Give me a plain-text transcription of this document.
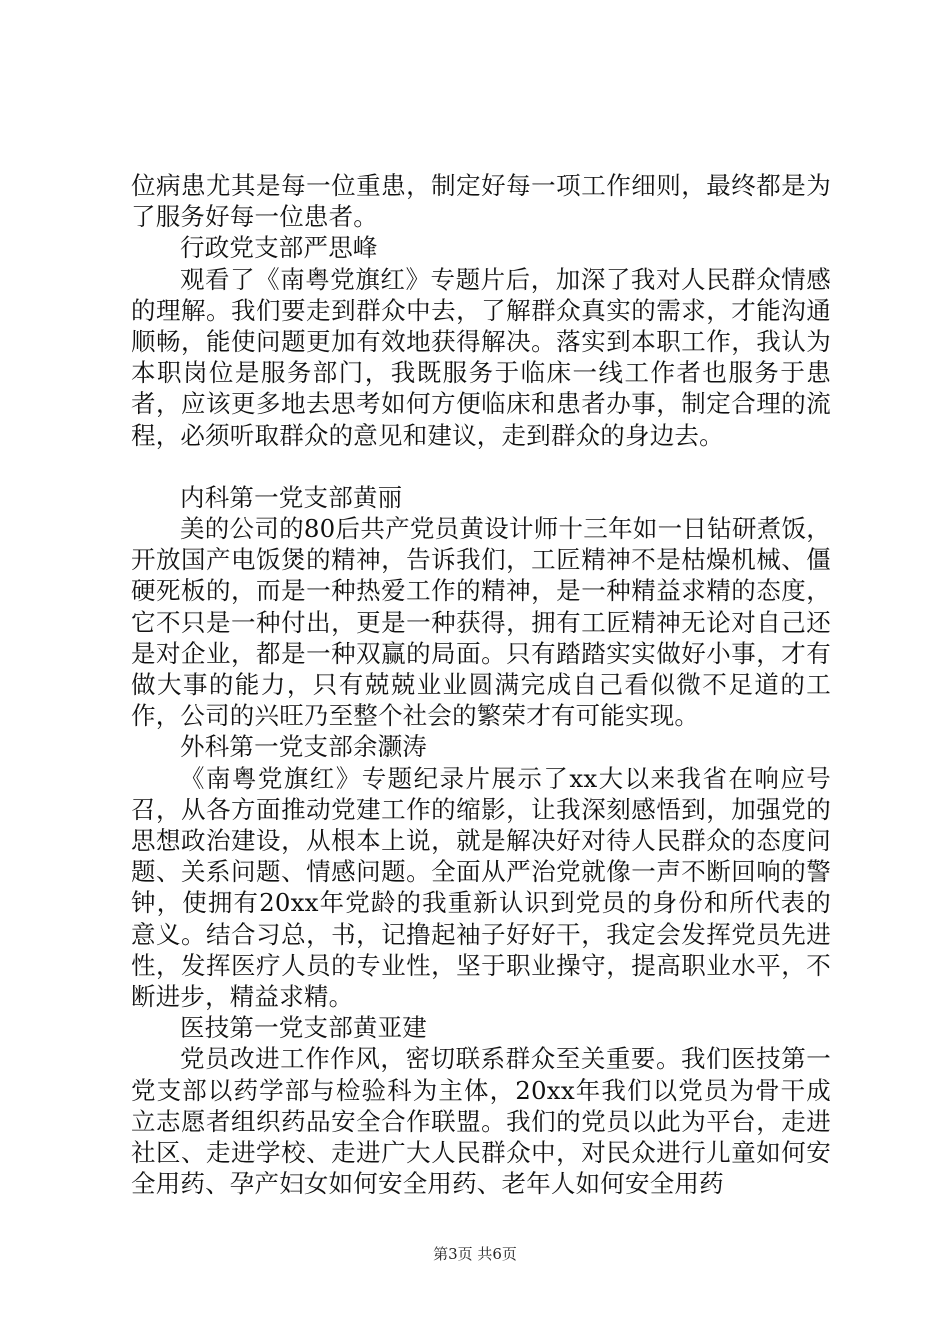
位病患尤其是每一位重患，制定好每一项工作细则，最终都是为了服务好每一位患者。

行政党支部严思峰

观看了《南粤党旗红》专题片后，加深了我对人民群众情感的理解。我们要走到群众中去，了解群众真实的需求，才能沟通顺畅，能使问题更加有效地获得解决。落实到本职工作，我认为本职岗位是服务部门，我既服务于临床一线工作者也服务于患者，应该更多地去思考如何方便临床和患者办事，制定合理的流程，必须听取群众的意见和建议，走到群众的身边去。

内科第一党支部黄丽

美的公司的80后共产党员黄设计师十三年如一日钻研煮饭，开放国产电饭煲的精神，告诉我们，工匠精神不是枯燥机械、僵硬死板的，而是一种热爱工作的精神，是一种精益求精的态度，它不只是一种付出，更是一种获得，拥有工匠精神无论对自己还是对企业，都是一种双赢的局面。只有踏踏实实做好小事，才有做大事的能力，只有兢兢业业圆满完成自己看似微不足道的工作，公司的兴旺乃至整个社会的繁荣才有可能实现。

外科第一党支部余灏涛

《南粤党旗红》专题纪录片展示了xx大以来我省在响应号召，从各方面推动党建工作的缩影，让我深刻感悟到，加强党的思想政治建设，从根本上说，就是解决好对待人民群众的态度问题、关系问题、情感问题。全面从严治党就像一声不断回响的警钟，使拥有20xx年党龄的我重新认识到党员的身份和所代表的意义。结合习总，书，记撸起袖子好好干，我定会发挥党员先进性，发挥医疗人员的专业性，坚于职业操守，提高职业水平，不断进步，精益求精。

医技第一党支部黄亚建

党员改进工作作风，密切联系群众至关重要。我们医技第一党支部以药学部与检验科为主体，20xx年我们以党员为骨干成立志愿者组织药品安全合作联盟。我们的党员以此为平台，走进社区、走进学校、走进广大人民群众中，对民众进行儿童如何安全用药、孕产妇女如何安全用药、老年人如何安全用药

第3页 共6页
